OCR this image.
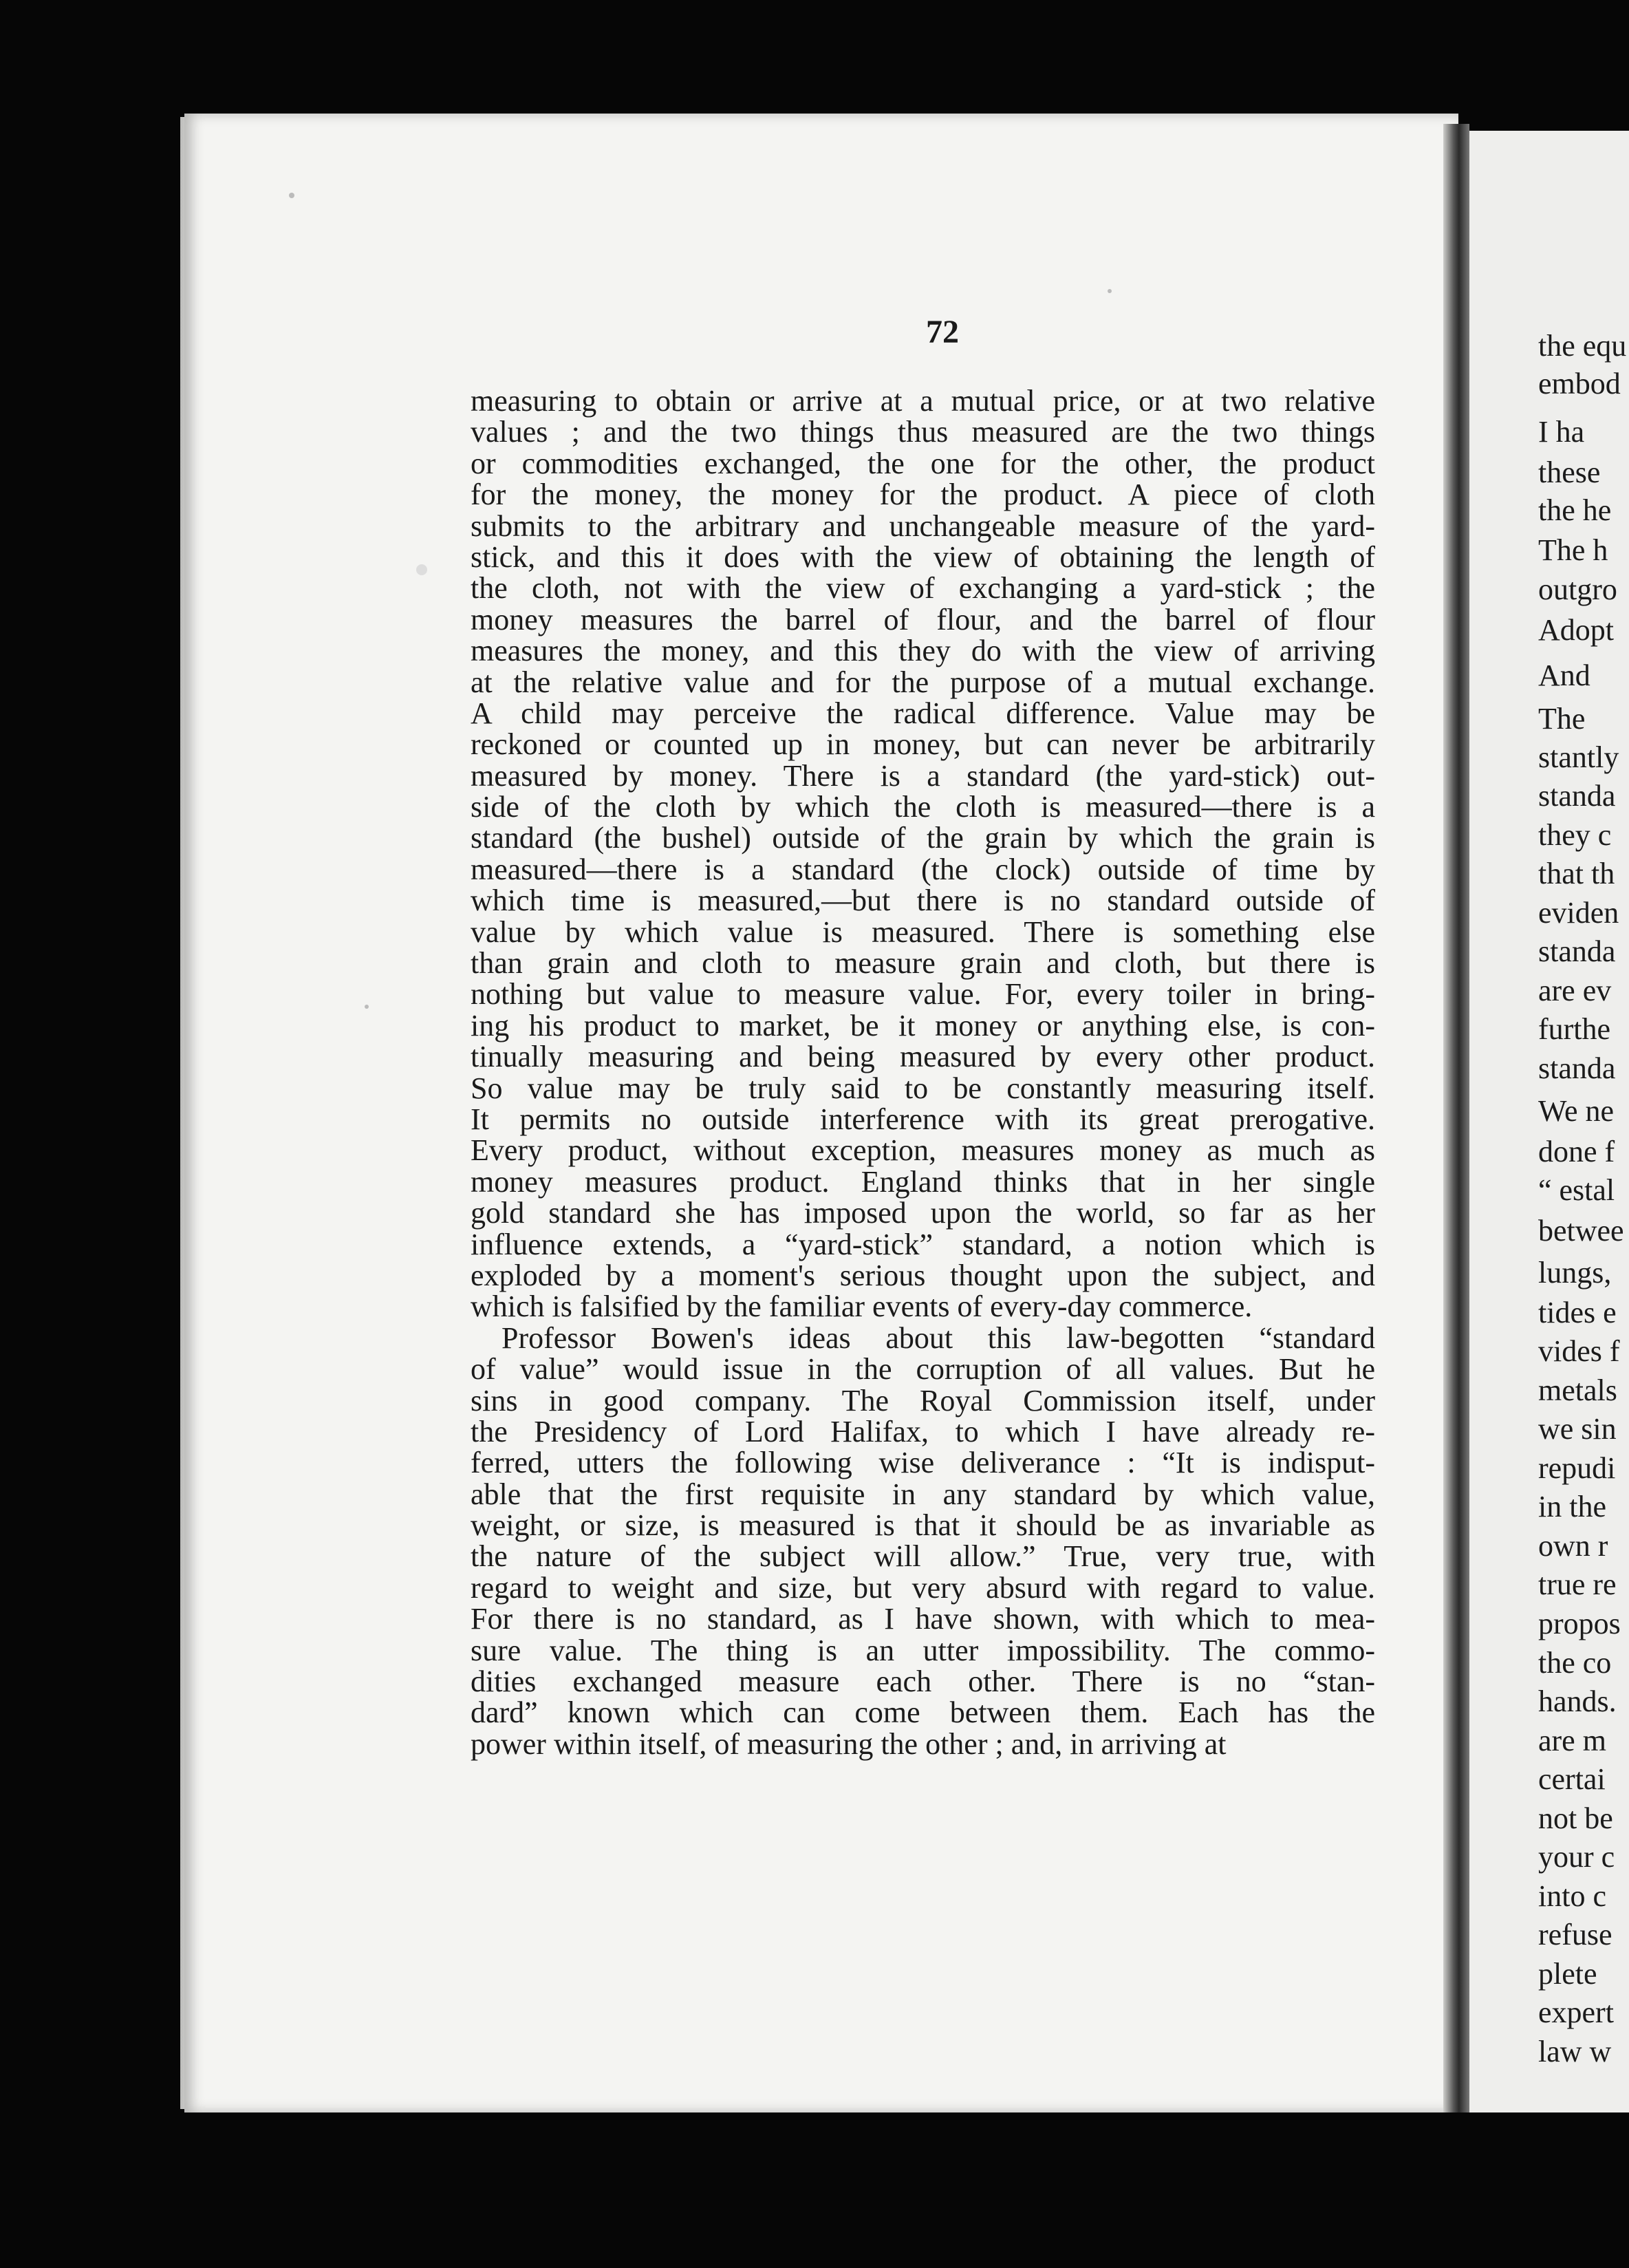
the equ
embod
I ha
these
the he
The h
outgro
Adopt
And
The
stantly
standa
they c
that th
eviden
standa
are ev
furthe
standa
We ne
done f
“ estal
betwee
lungs,
tides e
vides f
metals
we sin
repudi
in the
own r
true re
propos
the co
hands.
are m
certai
not be
your c
into c
refuse
plete
expert
law w
72
measuring to obtain or arrive at a mutual price, or at two relative
values ; and the two things thus measured are the two things
or commodities exchanged, the one for the other, the product
for the money, the money for the product. A piece of cloth
submits to the arbitrary and unchangeable measure of the yard-
stick, and this it does with the view of obtaining the length of
the cloth, not with the view of exchanging a yard-stick ; the
money measures the barrel of flour, and the barrel of flour
measures the money, and this they do with the view of arriving
at the relative value and for the purpose of a mutual exchange.
A child may perceive the radical difference. Value may be
reckoned or counted up in money, but can never be arbitrarily
measured by money. There is a standard (the yard-stick) out-
side of the cloth by which the cloth is measured—there is a
standard (the bushel) outside of the grain by which the grain is
measured—there is a standard (the clock) outside of time by
which time is measured,—but there is no standard outside of
value by which value is measured. There is something else
than grain and cloth to measure grain and cloth, but there is
nothing but value to measure value. For, every toiler in bring-
ing his product to market, be it money or anything else, is con-
tinually measuring and being measured by every other product.
So value may be truly said to be constantly measuring itself.
It permits no outside interference with its great prerogative.
Every product, without exception, measures money as much as
money measures product. England thinks that in her single
gold standard she has imposed upon the world, so far as her
influence extends, a “yard-stick” standard, a notion which is
exploded by a moment's serious thought upon the subject, and
which is falsified by the familiar events of every-day commerce.
Professor Bowen's ideas about this law-begotten “standard
of value” would issue in the corruption of all values. But he
sins in good company. The Royal Commission itself, under
the Presidency of Lord Halifax, to which I have already re-
ferred, utters the following wise deliverance : “It is indisput-
able that the first requisite in any standard by which value,
weight, or size, is measured is that it should be as invariable as
the nature of the subject will allow.” True, very true, with
regard to weight and size, but very absurd with regard to value.
For there is no standard, as I have shown, with which to mea-
sure value. The thing is an utter impossibility. The commo-
dities exchanged measure each other. There is no “stan-
dard” known which can come between them. Each has the
power within itself, of measuring the other ; and, in arriving at
